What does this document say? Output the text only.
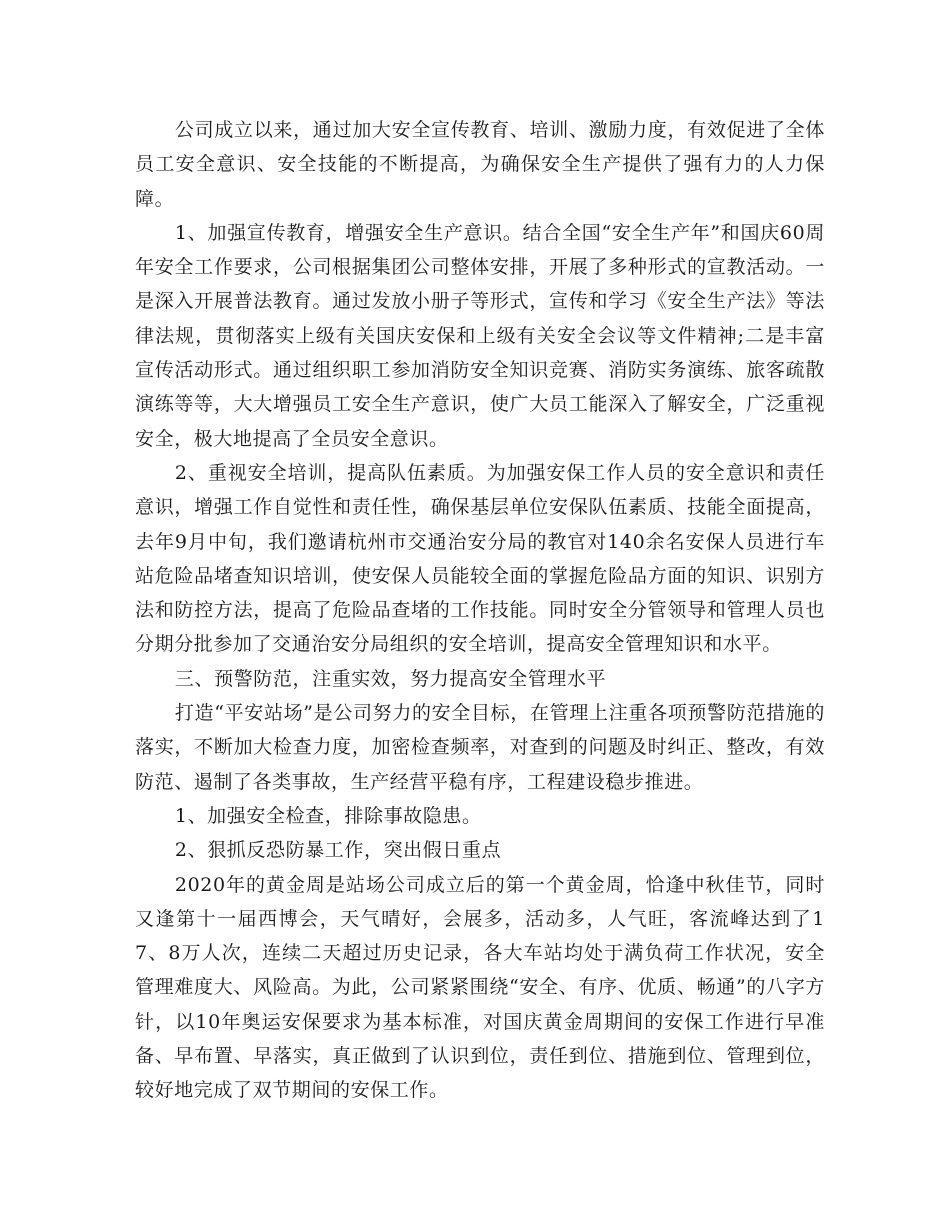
公司成立以来，通过加大安全宣传教育、培训、激励力度，有效促进了全体员工安全意识、安全技能的不断提高，为确保安全生产提供了强有力的人力保障。

1、加强宣传教育，增强安全生产意识。结合全国“安全生产年”和国庆60周年安全工作要求，公司根据集团公司整体安排，开展了多种形式的宣教活动。一是深入开展普法教育。通过发放小册子等形式，宣传和学习《安全生产法》等法律法规，贯彻落实上级有关国庆安保和上级有关安全会议等文件精神;二是丰富宣传活动形式。通过组织职工参加消防安全知识竞赛、消防实务演练、旅客疏散演练等等，大大增强员工安全生产意识，使广大员工能深入了解安全，广泛重视安全，极大地提高了全员安全意识。

2、重视安全培训，提高队伍素质。为加强安保工作人员的安全意识和责任意识，增强工作自觉性和责任性，确保基层单位安保队伍素质、技能全面提高，去年9月中旬，我们邀请杭州市交通治安分局的教官对140余名安保人员进行车站危险品堵查知识培训，使安保人员能较全面的掌握危险品方面的知识、识别方法和防控方法，提高了危险品查堵的工作技能。同时安全分管领导和管理人员也分期分批参加了交通治安分局组织的安全培训，提高安全管理知识和水平。

三、预警防范，注重实效，努力提高安全管理水平

打造“平安站场”是公司努力的安全目标，在管理上注重各项预警防范措施的落实，不断加大检查力度，加密检查频率，对查到的问题及时纠正、整改，有效防范、遏制了各类事故，生产经营平稳有序，工程建设稳步推进。

1、加强安全检查，排除事故隐患。

2、狠抓反恐防暴工作，突出假日重点

2020年的黄金周是站场公司成立后的第一个黄金周，恰逢中秋佳节，同时又逢第十一届西博会，天气晴好，会展多，活动多，人气旺，客流峰达到了17、8万人次，连续二天超过历史记录，各大车站均处于满负荷工作状况，安全管理难度大、风险高。为此，公司紧紧围绕“安全、有序、优质、畅通”的八字方针，以10年奥运安保要求为基本标准，对国庆黄金周期间的安保工作进行早准备、早布置、早落实，真正做到了认识到位，责任到位、措施到位、管理到位，较好地完成了双节期间的安保工作。
